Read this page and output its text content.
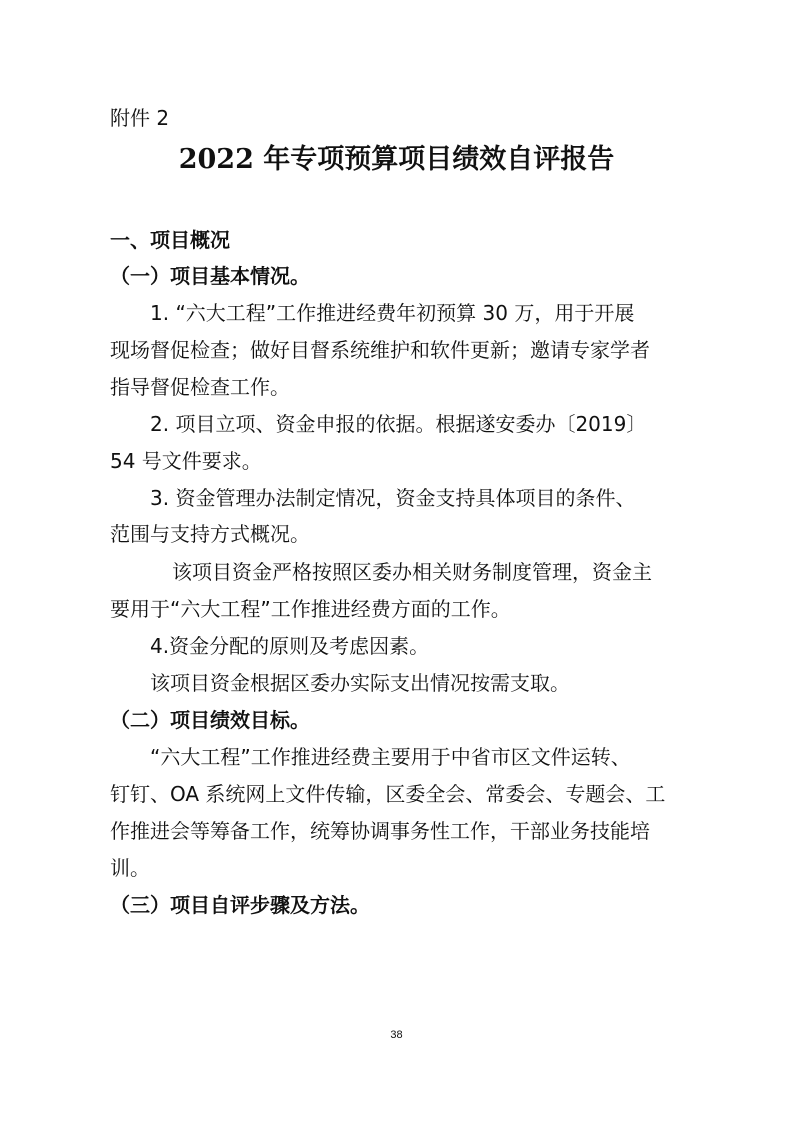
附件 2

2022 年专项预算项目绩效自评报告

一、项目概况

（一）项目基本情况。

1. “六大工程”工作推进经费年初预算 30 万，用于开展

现场督促检查；做好目督系统维护和软件更新；邀请专家学者

指导督促检查工作。

2. 项目立项、资金申报的依据。根据遂安委办〔2019〕

54 号文件要求。

3. 资金管理办法制定情况，资金支持具体项目的条件、

范围与支持方式概况。

该项目资金严格按照区委办相关财务制度管理，资金主

要用于“六大工程”工作推进经费方面的工作。

4.资金分配的原则及考虑因素。

该项目资金根据区委办实际支出情况按需支取。

（二）项目绩效目标。

“六大工程”工作推进经费主要用于中省市区文件运转、

钉钉、OA 系统网上文件传输，区委全会、常委会、专题会、工

作推进会等筹备工作，统筹协调事务性工作，干部业务技能培

训。

（三）项目自评步骤及方法。

38
